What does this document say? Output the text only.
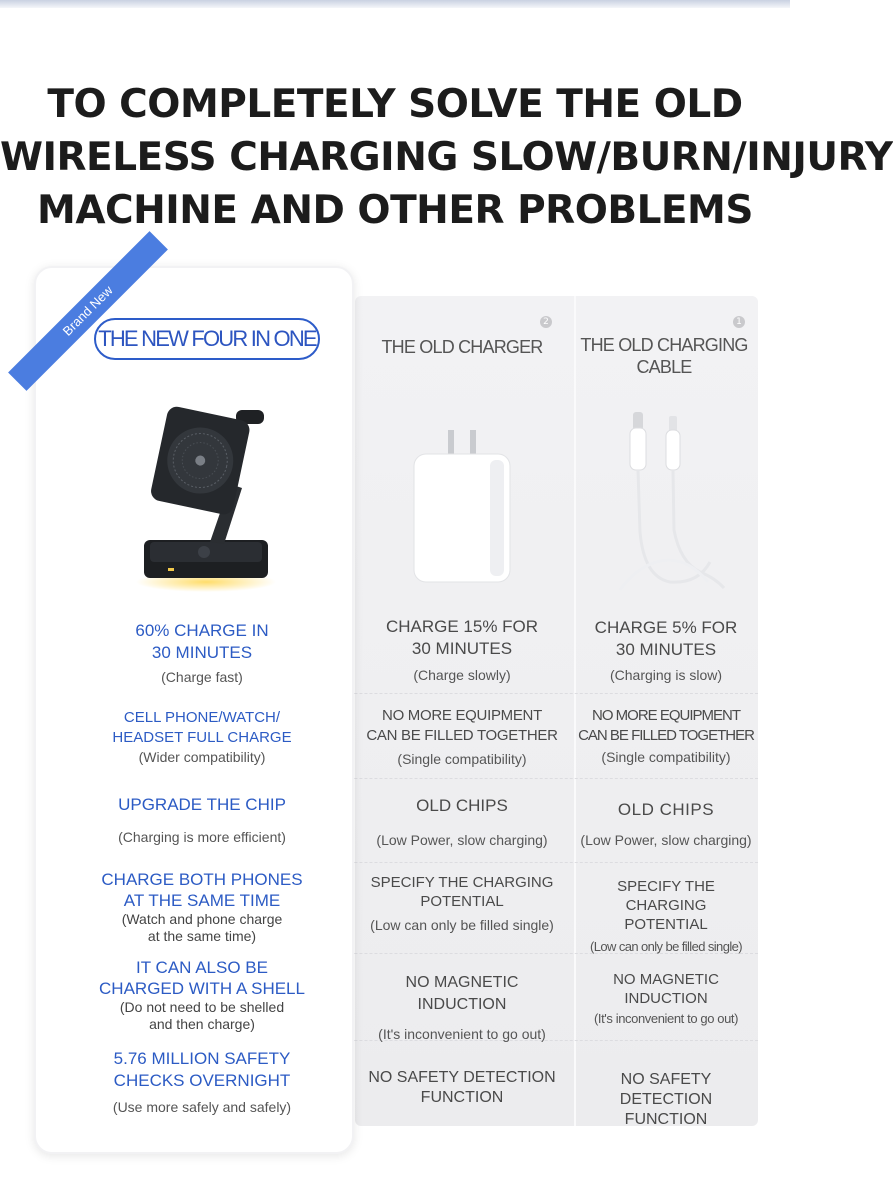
TO COMPLETELY SOLVE THE OLD
WIRELESS CHARGING SLOW/BURN/INJURY
MACHINE AND OTHER PROBLEMS
Brand New
THE NEW FOUR IN ONE
2	1
THE OLD CHARGER	THE OLD CHARGING
CABLE
60% CHARGE IN
30 MINUTES
(Charge fast)
CHARGE 15% FOR
30 MINUTES
(Charge slowly)
CHARGE 5% FOR
30 MINUTES
(Charging is slow)
CELL PHONE/WATCH/
HEADSET FULL CHARGE
(Wider compatibility)
NO MORE EQUIPMENT
CAN BE FILLED TOGETHER
(Single compatibility)
NO MORE EQUIPMENT
CAN BE FILLED TOGETHER
(Single compatibility)
UPGRADE THE CHIP
(Charging is more efficient)
OLD CHIPS
(Low Power, slow charging)
OLD CHIPS
(Low Power, slow charging)
CHARGE BOTH PHONES
AT THE SAME TIME
(Watch and phone charge
at the same time)
SPECIFY THE CHARGING
POTENTIAL
(Low can only be filled single)
SPECIFY THE CHARGING
POTENTIAL
(Low can only be filled single)
IT CAN ALSO BE
CHARGED WITH A SHELL
(Do not need to be shelled
and then charge)
NO MAGNETIC INDUCTION
(It's inconvenient to go out)
NO MAGNETIC
INDUCTION
(It's inconvenient to go out)
5.76 MILLION SAFETY
CHECKS OVERNIGHT
(Use more safely and safely)
NO SAFETY DETECTION
FUNCTION
NO SAFETY DETECTION
FUNCTION
